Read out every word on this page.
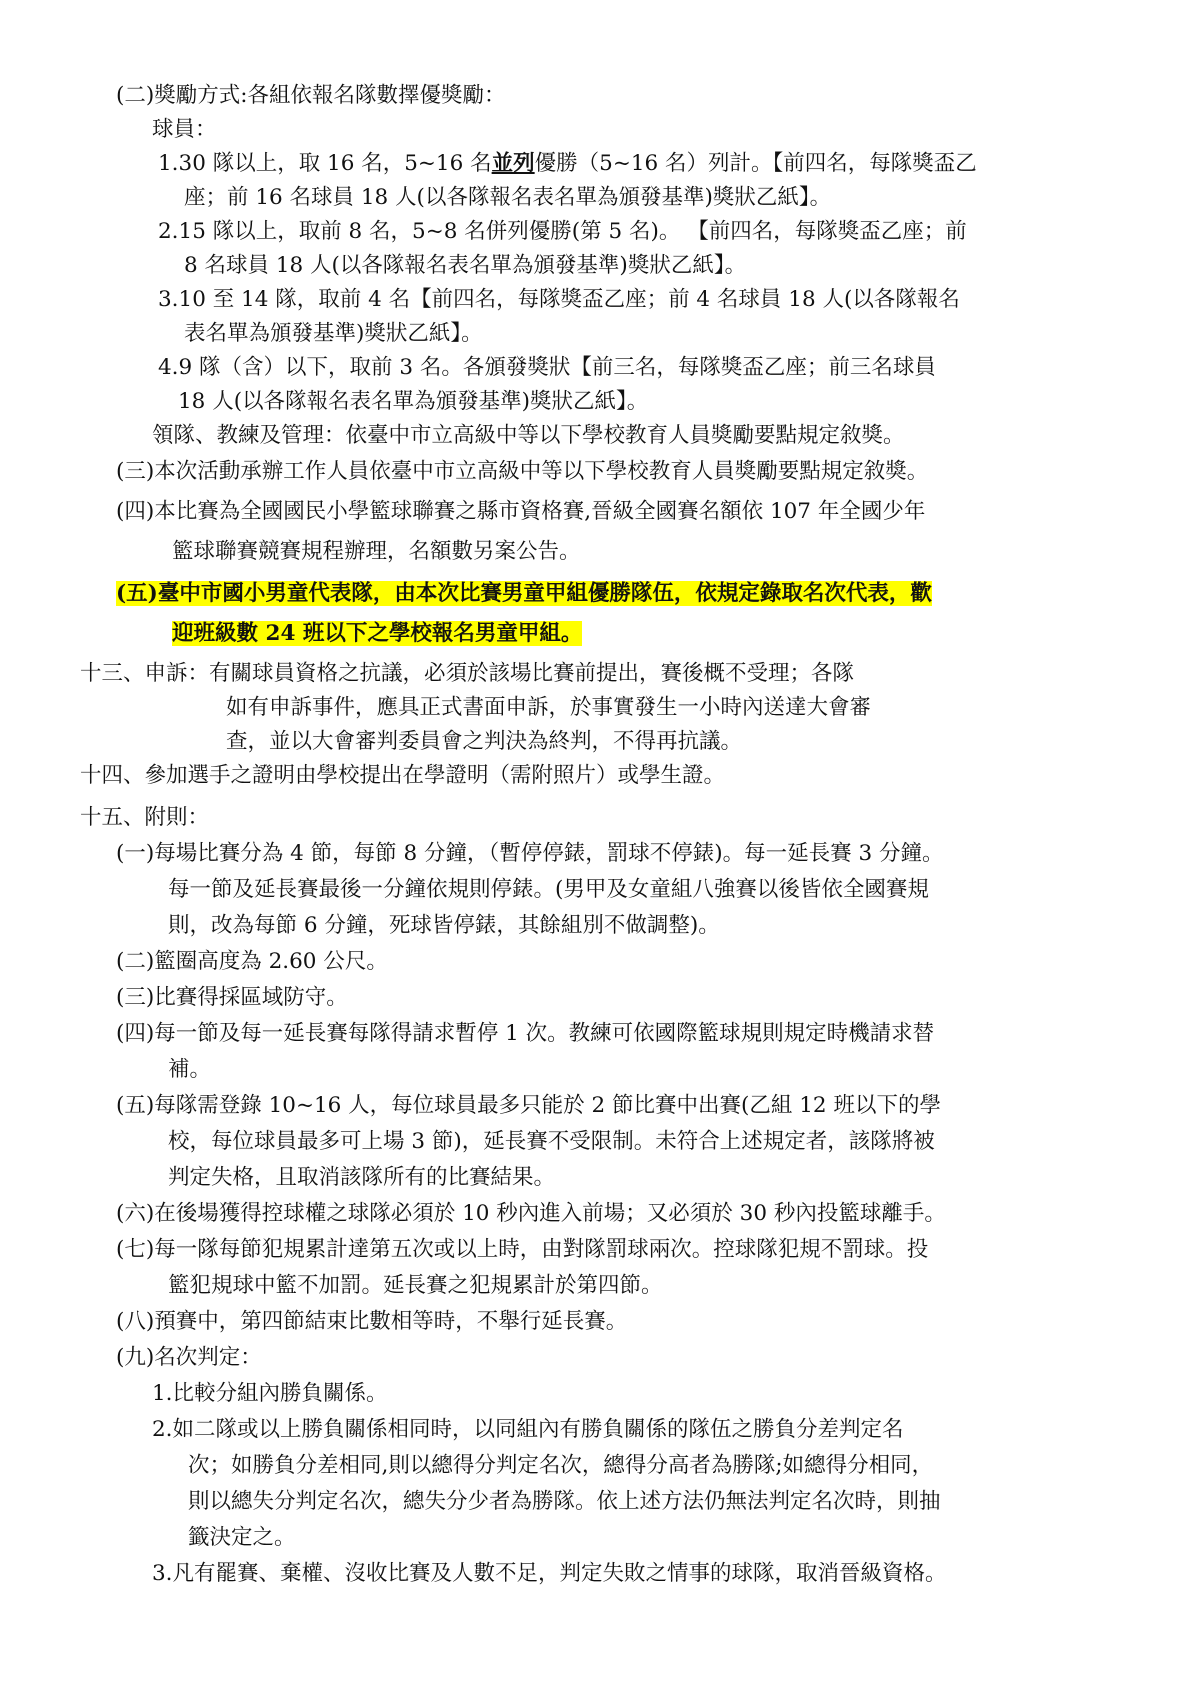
(二)獎勵方式:各組依報名隊數擇優獎勵：
球員：
1.30 隊以上，取 16 名，5~16 名並列優勝（5~16 名）列計。【前四名，每隊獎盃乙
座；前 16 名球員 18 人(以各隊報名表名單為頒發基準)獎狀乙紙】。
2.15 隊以上，取前 8 名，5~8 名併列優勝(第 5 名)。 【前四名，每隊獎盃乙座；前
8 名球員 18 人(以各隊報名表名單為頒發基準)獎狀乙紙】。
3.10 至 14 隊，取前 4 名【前四名，每隊獎盃乙座；前 4 名球員 18 人(以各隊報名
表名單為頒發基準)獎狀乙紙】。
4.9 隊（含）以下，取前 3 名。各頒發獎狀【前三名，每隊獎盃乙座；前三名球員
18 人(以各隊報名表名單為頒發基準)獎狀乙紙】。
領隊、教練及管理：依臺中市立高級中等以下學校教育人員獎勵要點規定敘獎。
(三)本次活動承辦工作人員依臺中市立高級中等以下學校教育人員獎勵要點規定敘獎。
(四)本比賽為全國國民小學籃球聯賽之縣市資格賽,晉級全國賽名額依 107 年全國少年
籃球聯賽競賽規程辦理，名額數另案公告。
(五)臺中市國小男童代表隊，由本次比賽男童甲組優勝隊伍，依規定錄取名次代表，歡
迎班級數 24 班以下之學校報名男童甲組。
十三、申訴：有關球員資格之抗議，必須於該場比賽前提出，賽後概不受理；各隊
如有申訴事件，應具正式書面申訴，於事實發生一小時內送達大會審
查，並以大會審判委員會之判決為終判，不得再抗議。
十四、參加選手之證明由學校提出在學證明（需附照片）或學生證。
十五、附則：
(一)每場比賽分為 4 節，每節 8 分鐘，（暫停停錶，罰球不停錶)。每一延長賽 3 分鐘。
每一節及延長賽最後一分鐘依規則停錶。(男甲及女童組八強賽以後皆依全國賽規
則，改為每節 6 分鐘，死球皆停錶，其餘組別不做調整)。
(二)籃圈高度為 2.60 公尺。
(三)比賽得採區域防守。
(四)每一節及每一延長賽每隊得請求暫停 1 次。教練可依國際籃球規則規定時機請求替
補。
(五)每隊需登錄 10~16 人，每位球員最多只能於 2 節比賽中出賽(乙組 12 班以下的學
校，每位球員最多可上場 3 節)，延長賽不受限制。未符合上述規定者，該隊將被
判定失格，且取消該隊所有的比賽結果。
(六)在後場獲得控球權之球隊必須於 10 秒內進入前場；又必須於 30 秒內投籃球離手。
(七)每一隊每節犯規累計達第五次或以上時，由對隊罰球兩次。控球隊犯規不罰球。投
籃犯規球中籃不加罰。延長賽之犯規累計於第四節。
(八)預賽中，第四節結束比數相等時，不舉行延長賽。
(九)名次判定：
1.比較分組內勝負關係。
2.如二隊或以上勝負關係相同時，以同組內有勝負關係的隊伍之勝負分差判定名
次；如勝負分差相同,則以總得分判定名次，總得分高者為勝隊;如總得分相同，
則以總失分判定名次，總失分少者為勝隊。依上述方法仍無法判定名次時，則抽
籤決定之。
3.凡有罷賽、棄權、沒收比賽及人數不足，判定失敗之情事的球隊，取消晉級資格。
